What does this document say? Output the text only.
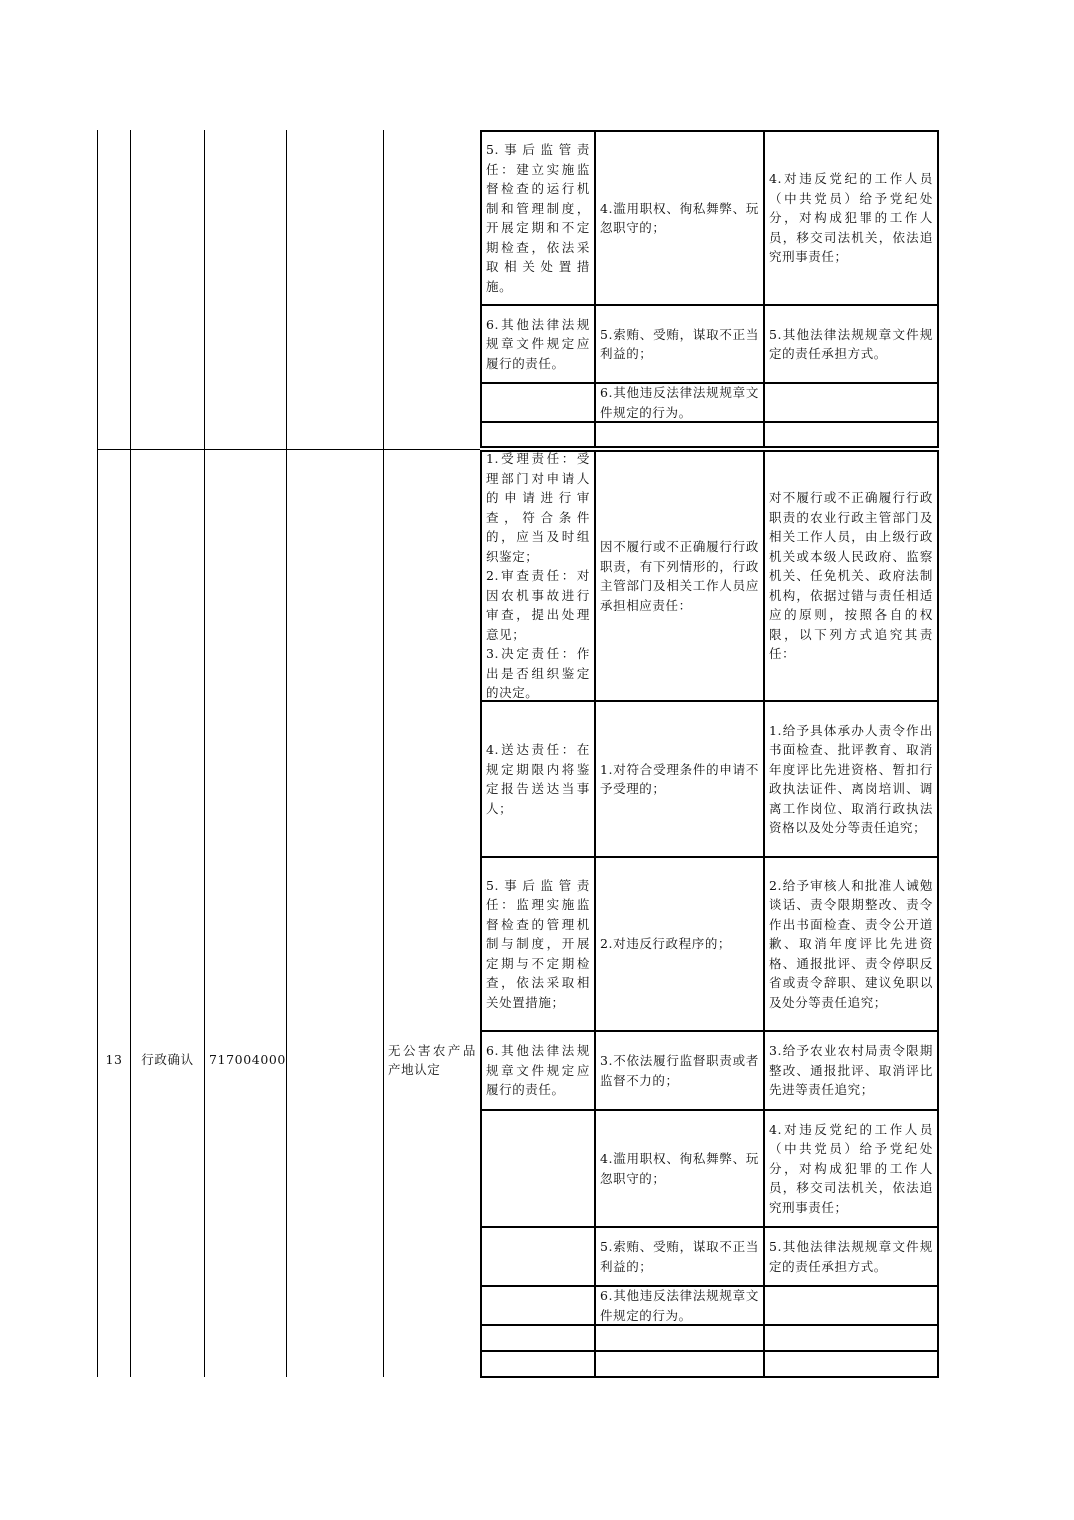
5.事后监管责任：建立实施监督检查的运行机制和管理制度，开展定期和不定期检查，依法采取相关处置措施。
4.滥用职权、徇私舞弊、玩忽职守的；
4.对违反党纪的工作人员（中共党员）给予党纪处分，对构成犯罪的工作人员，移交司法机关，依法追究刑事责任；
6.其他法律法规规章文件规定应履行的责任。
5.索贿、受贿，谋取不正当利益的；
5.其他法律法规规章文件规定的责任承担方式。
6.其他违反法律法规规章文件规定的行为。
13	行政确认	717004000
无公害农产品产地认定
1.受理责任：受理部门对申请人的申请进行审查，符合条件的，应当及时组织鉴定；
2.审查责任：对因农机事故进行审查，提出处理意见；
3.决定责任：作出是否组织鉴定的决定。
因不履行或不正确履行行政职责，有下列情形的，行政主管部门及相关工作人员应承担相应责任：
对不履行或不正确履行行政职责的农业行政主管部门及相关工作人员，由上级行政机关或本级人民政府、监察机关、任免机关、政府法制机构，依据过错与责任相适应的原则，按照各自的权限，以下列方式追究其责任：
4.送达责任：在规定期限内将鉴定报告送达当事人；
1.对符合受理条件的申请不予受理的；
1.给予具体承办人责令作出书面检查、批评教育、取消年度评比先进资格、暂扣行政执法证件、离岗培训、调离工作岗位、取消行政执法资格以及处分等责任追究；
5.事后监管责任：监理实施监督检查的管理机制与制度，开展定期与不定期检查，依法采取相关处置措施；
2.对违反行政程序的；
2.给予审核人和批准人诫勉谈话、责令限期整改、责令作出书面检查、责令公开道歉、取消年度评比先进资格、通报批评、责令停职反省或责令辞职、建议免职以及处分等责任追究；
6.其他法律法规规章文件规定应履行的责任。
3.不依法履行监督职责或者监督不力的；
3.给予农业农村局责令限期整改、通报批评、取消评比先进等责任追究；
4.滥用职权、徇私舞弊、玩忽职守的；
4.对违反党纪的工作人员（中共党员）给予党纪处分，对构成犯罪的工作人员，移交司法机关，依法追究刑事责任；
5.索贿、受贿，谋取不正当利益的；
5.其他法律法规规章文件规定的责任承担方式。
6.其他违反法律法规规章文件规定的行为。
